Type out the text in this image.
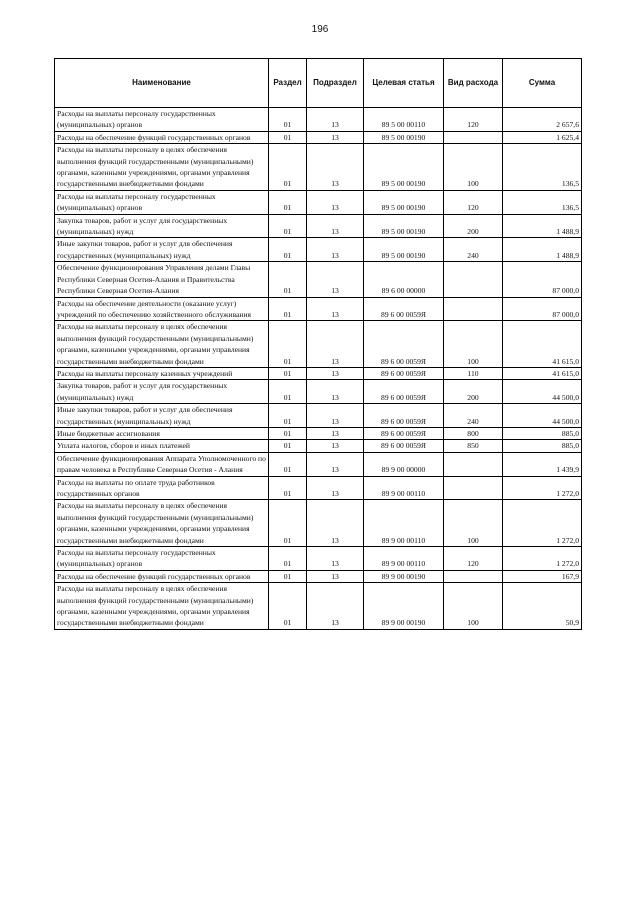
196
Наименование	Раздел	Подраздел	Целевая статья	Вид расхода	Сумма
Расходы на выплаты персоналу государственных (муниципальных) органов	01	13	89 5 00 00110	120	2 657,6
Расходы на обеспечение функций государственных органов	01	13	89 5 00 00190		1 625,4
Расходы на выплаты персоналу в целях обеспечения выполнения функций государственными (муниципальными) органами, казенными учреждениями, органами управления государственными внебюджетными фондами	01	13	89 5 00 00190	100	136,5
Расходы на выплаты персоналу государственных (муниципальных) органов	01	13	89 5 00 00190	120	136,5
Закупка товаров, работ и услуг для государственных (муниципальных) нужд	01	13	89 5 00 00190	200	1 488,9
Иные закупки товаров, работ и услуг для обеспечения государственных (муниципальных) нужд	01	13	89 5 00 00190	240	1 488,9
Обеспечение функционирования Управления делами Главы Республики Северная Осетия-Алания и Правительства Республики Северная Осетия-Алания	01	13	89 6 00 00000		87 000,0
Расходы на обеспечение деятельности (оказание услуг) учреждений по обеспечению хозяйственного обслуживания	01	13	89 6 00 0059Я		87 000,0
Расходы на выплаты персоналу в целях обеспечения выполнения функций государственными (муниципальными) органами, казенными учреждениями, органами управления государственными внебюджетными фондами	01	13	89 6 00 0059Я	100	41 615,0
Расходы на выплаты персоналу казенных учреждений	01	13	89 6 00 0059Я	110	41 615,0
Закупка товаров, работ и услуг для государственных (муниципальных) нужд	01	13	89 6 00 0059Я	200	44 500,0
Иные закупки товаров, работ и услуг для обеспечения государственных (муниципальных) нужд	01	13	89 6 00 0059Я	240	44 500,0
Иные бюджетные ассигнования	01	13	89 6 00 0059Я	800	885,0
Уплата налогов, сборов и иных платежей	01	13	89 6 00 0059Я	850	885,0
Обеспечение функционирования Аппарата Уполномоченного по правам человека в Республике Северная Осетия - Алания	01	13	89 9 00 00000		1 439,9
Расходы на выплаты по оплате труда работников государственных органов	01	13	89 9 00 00110		1 272,0
Расходы на выплаты персоналу в целях обеспечения выполнения функций государственными (муниципальными) органами, казенными учреждениями, органами управления государственными внебюджетными фондами	01	13	89 9 00 00110	100	1 272,0
Расходы на выплаты персоналу государственных (муниципальных) органов	01	13	89 9 00 00110	120	1 272,0
Расходы на обеспечение функций государственных органов	01	13	89 9 00 00190		167,9
Расходы на выплаты персоналу в целях обеспечения выполнения функций государственными (муниципальными) органами, казенными учреждениями, органами управления государственными внебюджетными фондами	01	13	89 9 00 00190	100	50,9
